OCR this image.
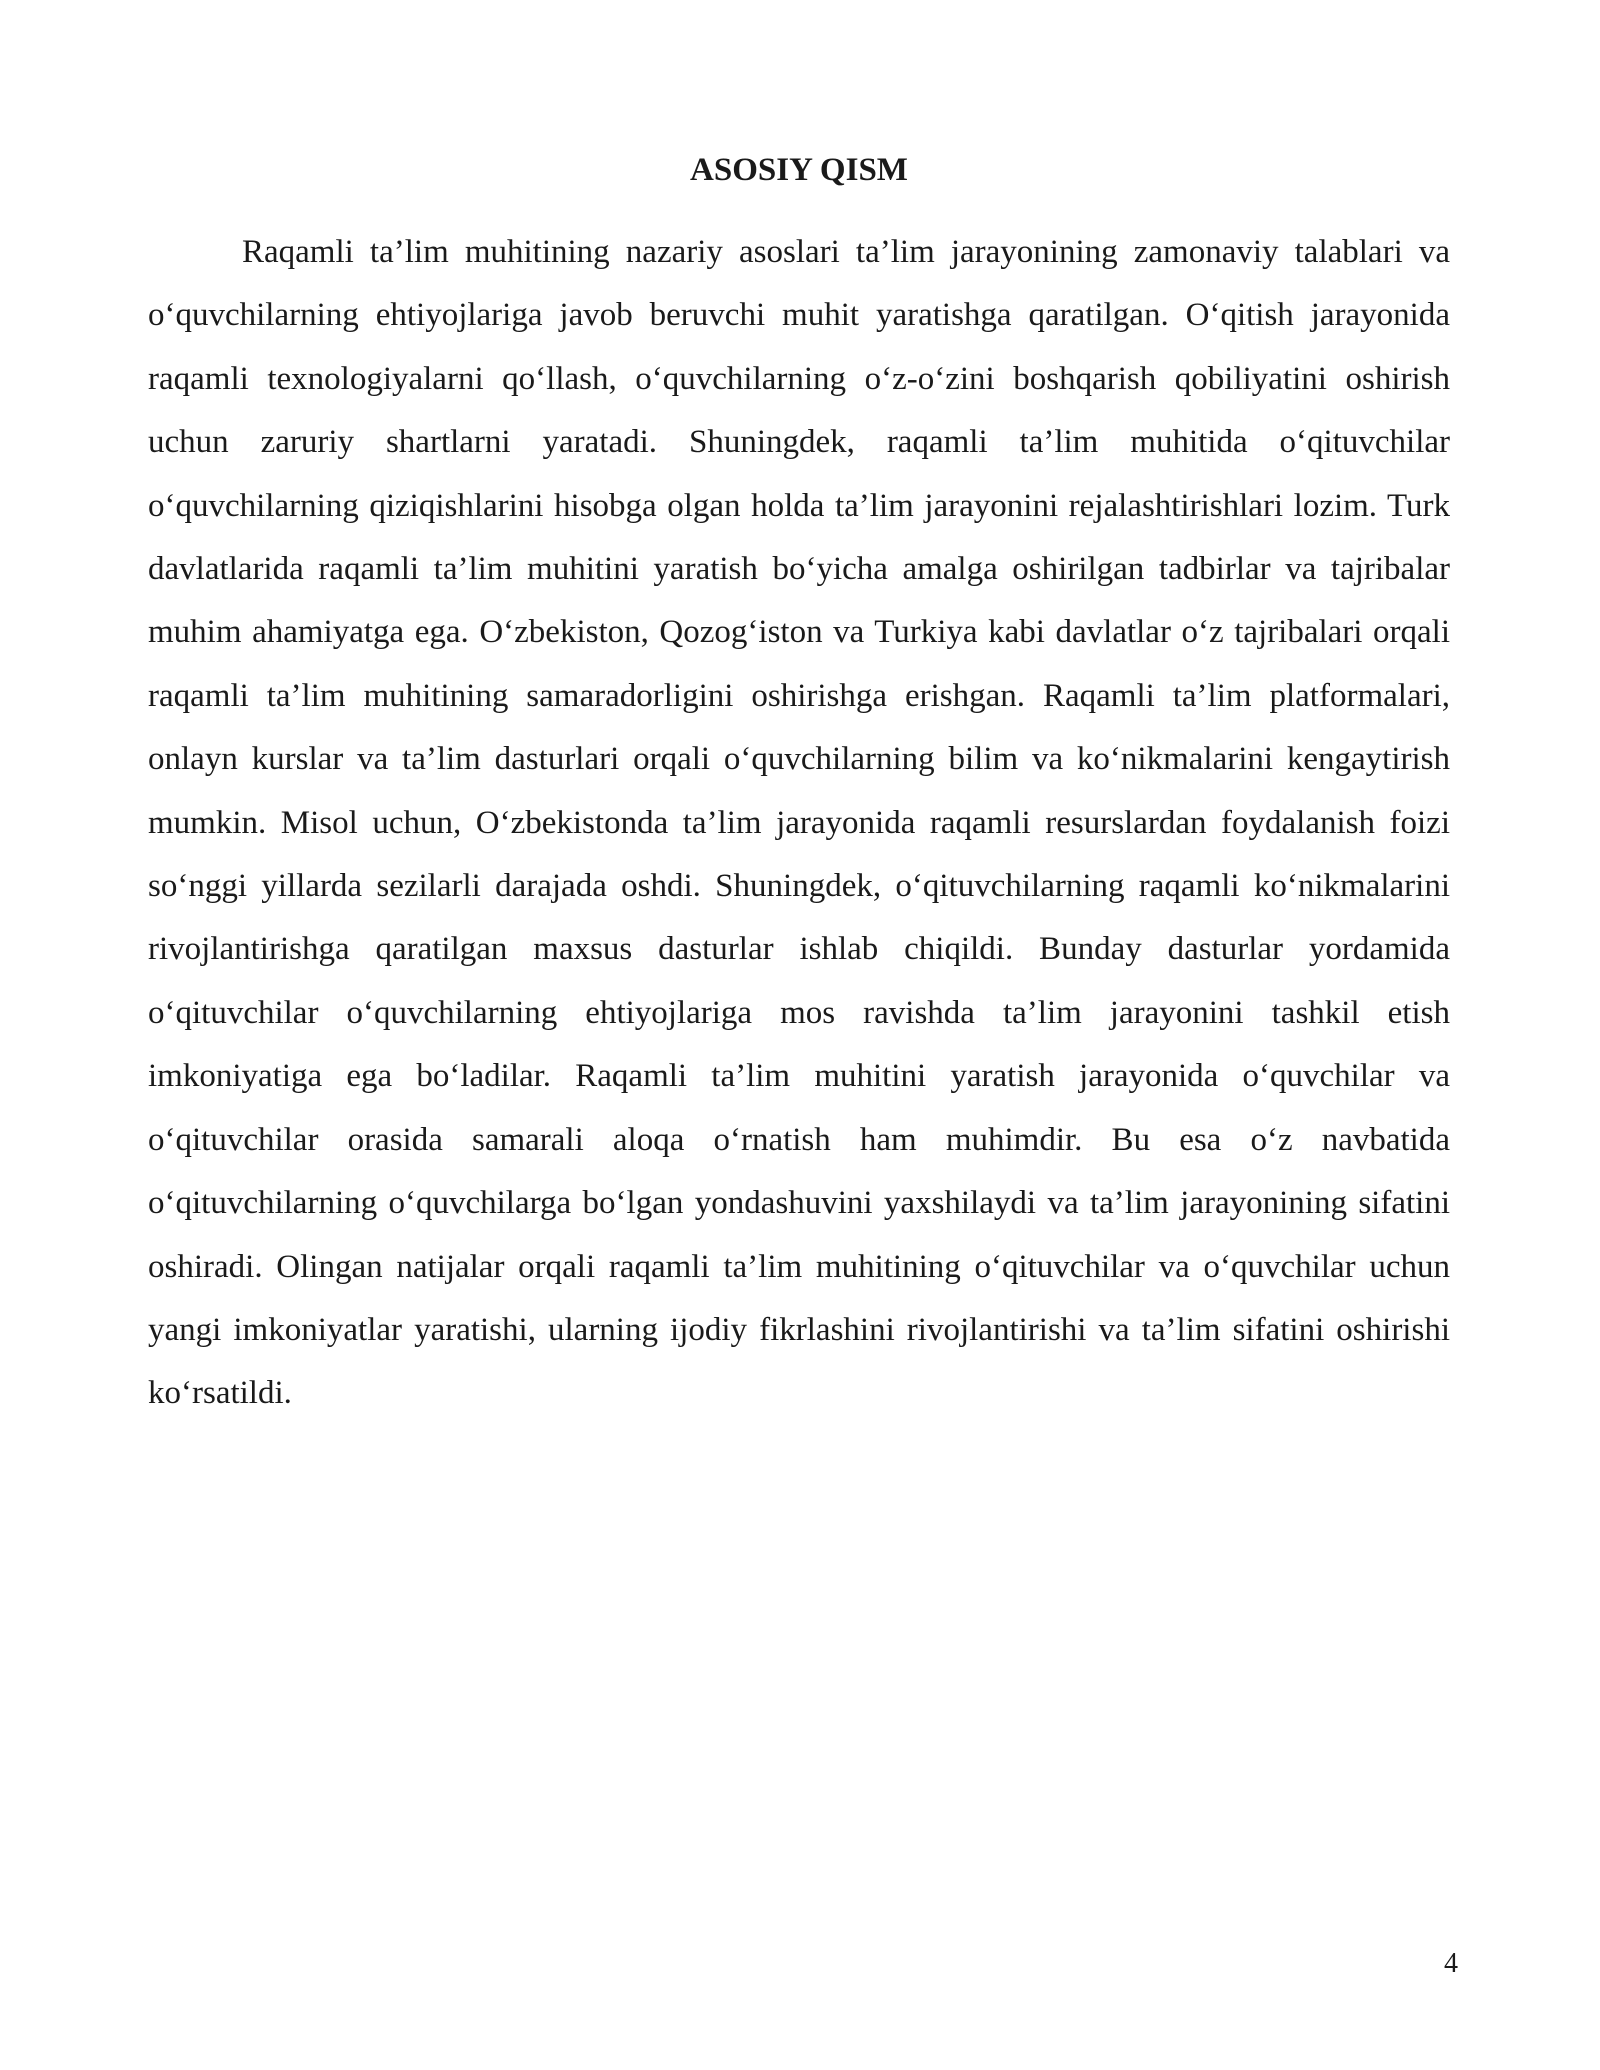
ASOSIY QISM

Raqamli ta’lim muhitining nazariy asoslari ta’lim jarayonining zamonaviy talablari va o‘quvchilarning ehtiyojlariga javob beruvchi muhit yaratishga qaratilgan. O‘qitish jarayonida raqamli texnologiyalarni qo‘llash, o‘quvchilarning o‘z-o‘zini boshqarish qobiliyatini oshirish uchun zaruriy shartlarni yaratadi. Shuningdek, raqamli ta’lim muhitida o‘qituvchilar o‘quvchilarning qiziqishlarini hisobga olgan holda ta’lim jarayonini rejalashtirishlari lozim. Turk davlatlarida raqamli ta’lim muhitini yaratish bo‘yicha amalga oshirilgan tadbirlar va tajribalar muhim ahamiyatga ega. O‘zbekiston, Qozog‘iston va Turkiya kabi davlatlar o‘z tajribalari orqali raqamli ta’lim muhitining samaradorligini oshirishga erishgan. Raqamli ta’lim platformalari, onlayn kurslar va ta’lim dasturlari orqali o‘quvchilarning bilim va ko‘nikmalarini kengaytirish mumkin. Misol uchun, O‘zbekistonda ta’lim jarayonida raqamli resurslardan foydalanish foizi so‘nggi yillarda sezilarli darajada oshdi. Shuningdek, o‘qituvchilarning raqamli ko‘nikmalarini rivojlantirishga qaratilgan maxsus dasturlar ishlab chiqildi. Bunday dasturlar yordamida o‘qituvchilar o‘quvchilarning ehtiyojlariga mos ravishda ta’lim jarayonini tashkil etish imkoniyatiga ega bo‘ladilar. Raqamli ta’lim muhitini yaratish jarayonida o‘quvchilar va o‘qituvchilar orasida samarali aloqa o‘rnatish ham muhimdir. Bu esa o‘z navbatida o‘qituvchilarning o‘quvchilarga bo‘lgan yondashuvini yaxshilaydi va ta’lim jarayonining sifatini oshiradi. Olingan natijalar orqali raqamli ta’lim muhitining o‘qituvchilar va o‘quvchilar uchun yangi imkoniyatlar yaratishi, ularning ijodiy fikrlashini rivojlantirishi va ta’lim sifatini oshirishi ko‘rsatildi.

4
